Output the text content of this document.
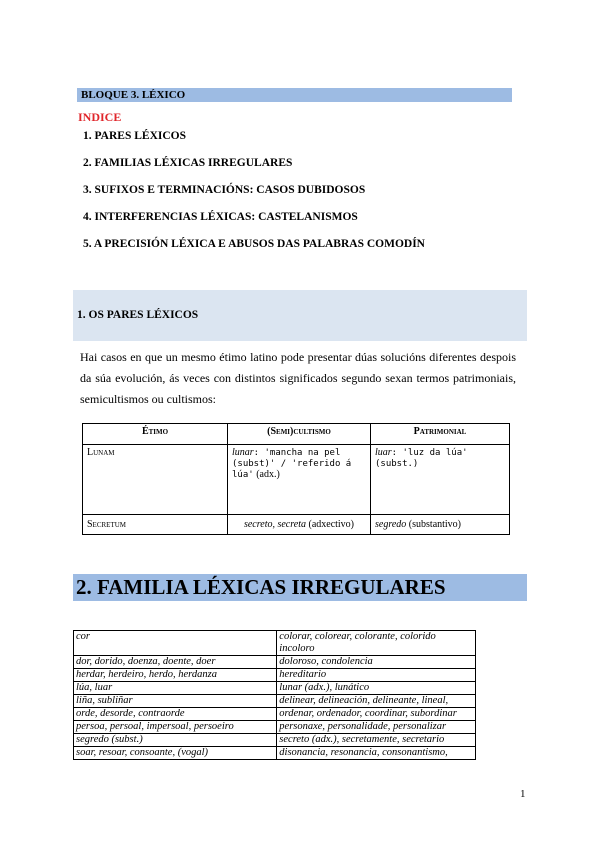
BLOQUE 3. LÉXICO
INDICE
1. PARES LÉXICOS
2. FAMILIAS LÉXICAS IRREGULARES
3. SUFIXOS E TERMINACIÓNS: CASOS DUBIDOSOS
4. INTERFERENCIAS LÉXICAS: CASTELANISMOS
5. A PRECISIÓN LÉXICA E ABUSOS DAS PALABRAS COMODÍN
1. OS PARES LÉXICOS
Hai casos en que un mesmo étimo latino pode presentar dúas solucións diferentes despois da súa evolución, ás veces con distintos significados segundo sexan termos patrimoniais, semicultismos ou cultismos:
Étimo	(Semi)cultismo	Patrimonial
Lunam	lunar: 'mancha na pel (subst)' / 'referido á lúa' (adx.)	luar: 'luz da lúa' (subst.)
Secretum	secreto, secreta (adxectivo)	segredo (substantivo)
2. FAMILIA LÉXICAS IRREGULARES
cor	colorar, colorear, colorante, colorido incoloro
dor, dorido, doenza, doente, doer	doloroso, condolencia
herdar, herdeiro, herdo, herdanza	hereditario
lúa, luar	lunar (adx.), lunático
liña, subliñar	delinear, delineación, delineante, lineal,
orde, desorde, contraorde	ordenar, ordenador, coordinar, subordinar
persoa, persoal, impersoal, persoeiro	personaxe, personalidade, personalizar
segredo (subst.)	secreto (adx.), secretamente, secretario
soar, resoar, consoante, (vogal)	disonancia, resonancia, consonantismo,
1
